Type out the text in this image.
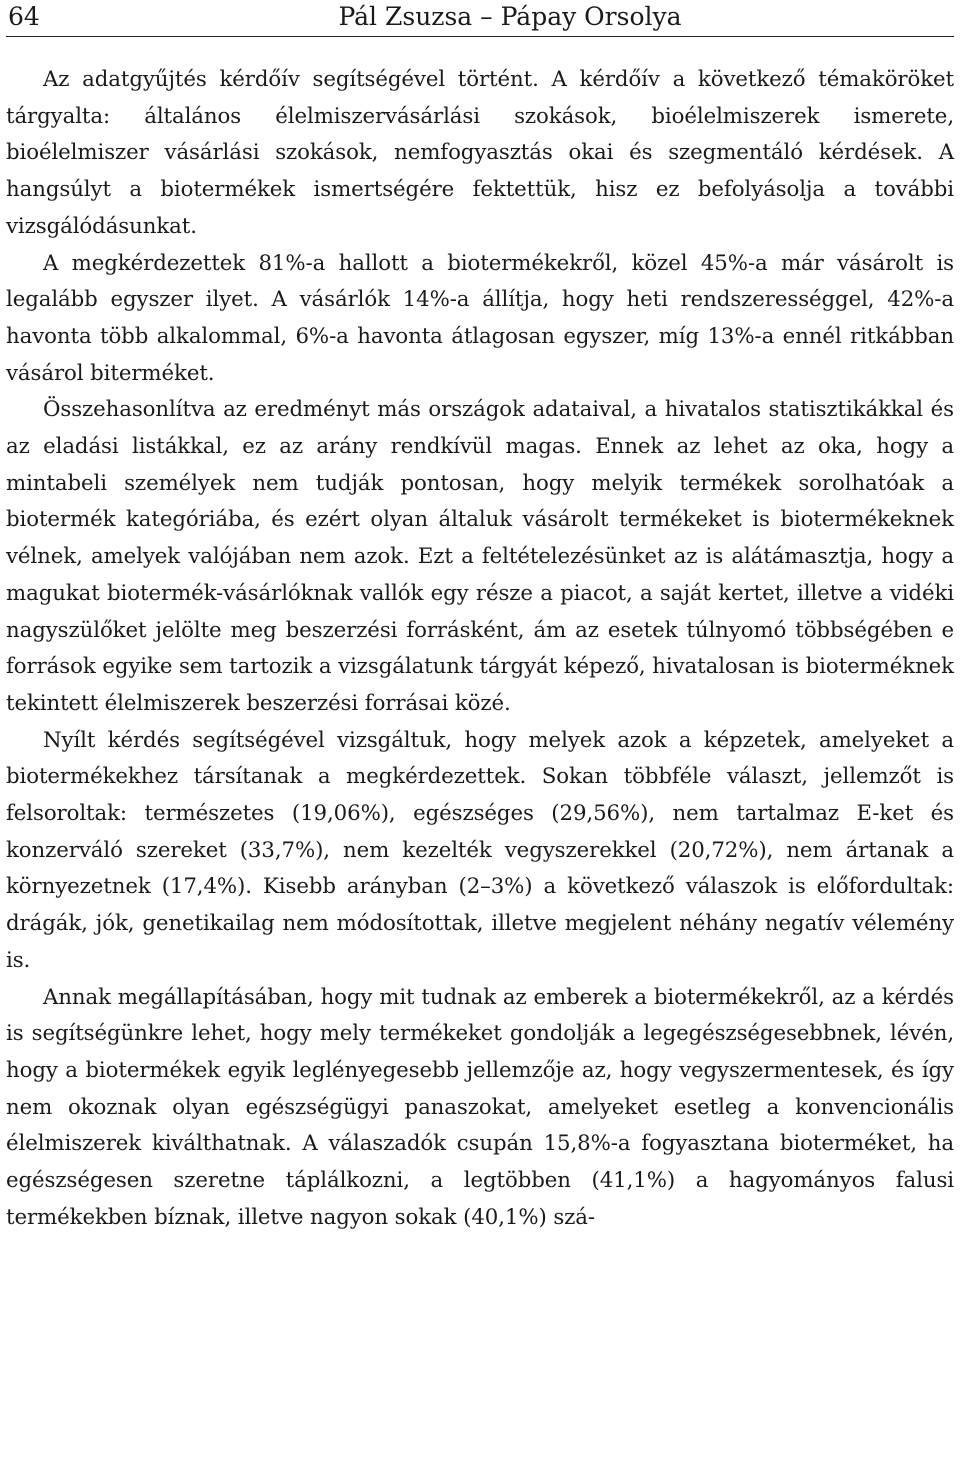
64	Pál Zsuzsa – Pápay Orsolya

Az adatgyűjtés kérdőív segítségével történt. A kérdőív a következő témaköröket tárgyalta: általános élelmiszervásárlási szokások, bioélelmiszerek ismerete, bioélelmiszer vásárlási szokások, nemfogyasztás okai és szegmentáló kérdések. A hangsúlyt a biotermékek ismertségére fektettük, hisz ez befolyásolja a további vizsgálódásunkat.

A megkérdezettek 81%-a hallott a biotermékekről, közel 45%-a már vásárolt is legalább egyszer ilyet. A vásárlók 14%-a állítja, hogy heti rendszerességgel, 42%-a havonta több alkalommal, 6%-a havonta átlagosan egyszer, míg 13%-a ennél ritkábban vásárol biterméket.

Összehasonlítva az eredményt más országok adataival, a hivatalos statisztikákkal és az eladási listákkal, ez az arány rendkívül magas. Ennek az lehet az oka, hogy a mintabeli személyek nem tudják pontosan, hogy melyik termékek sorolhatóak a biotermék kategóriába, és ezért olyan általuk vásárolt termékeket is biotermékeknek vélnek, amelyek valójában nem azok. Ezt a feltételezésünket az is alátámasztja, hogy a magukat biotermék-vásárlóknak vallók egy része a piacot, a saját kertet, illetve a vidéki nagyszülőket jelölte meg beszerzési forrásként, ám az esetek túlnyomó többségében e források egyike sem tartozik a vizsgálatunk tárgyát képező, hivatalosan is bioterméknek tekintett élelmiszerek beszerzési forrásai közé.

Nyílt kérdés segítségével vizsgáltuk, hogy melyek azok a képzetek, amelyeket a biotermékekhez társítanak a megkérdezettek. Sokan többféle választ, jellemzőt is felsoroltak: természetes (19,06%), egészséges (29,56%), nem tartalmaz E-ket és konzerváló szereket (33,7%), nem kezelték vegyszerekkel (20,72%), nem ártanak a környezetnek (17,4%). Kisebb arányban (2–3%) a következő válaszok is előfordultak: drágák, jók, genetikailag nem módosítottak, illetve megjelent néhány negatív vélemény is.

Annak megállapításában, hogy mit tudnak az emberek a biotermékekről, az a kérdés is segítségünkre lehet, hogy mely termékeket gondolják a legegészségesebbnek, lévén, hogy a biotermékek egyik leglényegesebb jellemzője az, hogy vegyszermentesek, és így nem okoznak olyan egészségügyi panaszokat, amelyeket esetleg a konvencionális élelmiszerek kiválthatnak. A válaszadók csupán 15,8%-a fogyasztana bioterméket, ha egészségesen szeretne táplálkozni, a legtöbben (41,1%) a hagyományos falusi termékekben bíznak, illetve nagyon sokak (40,1%) szá-
